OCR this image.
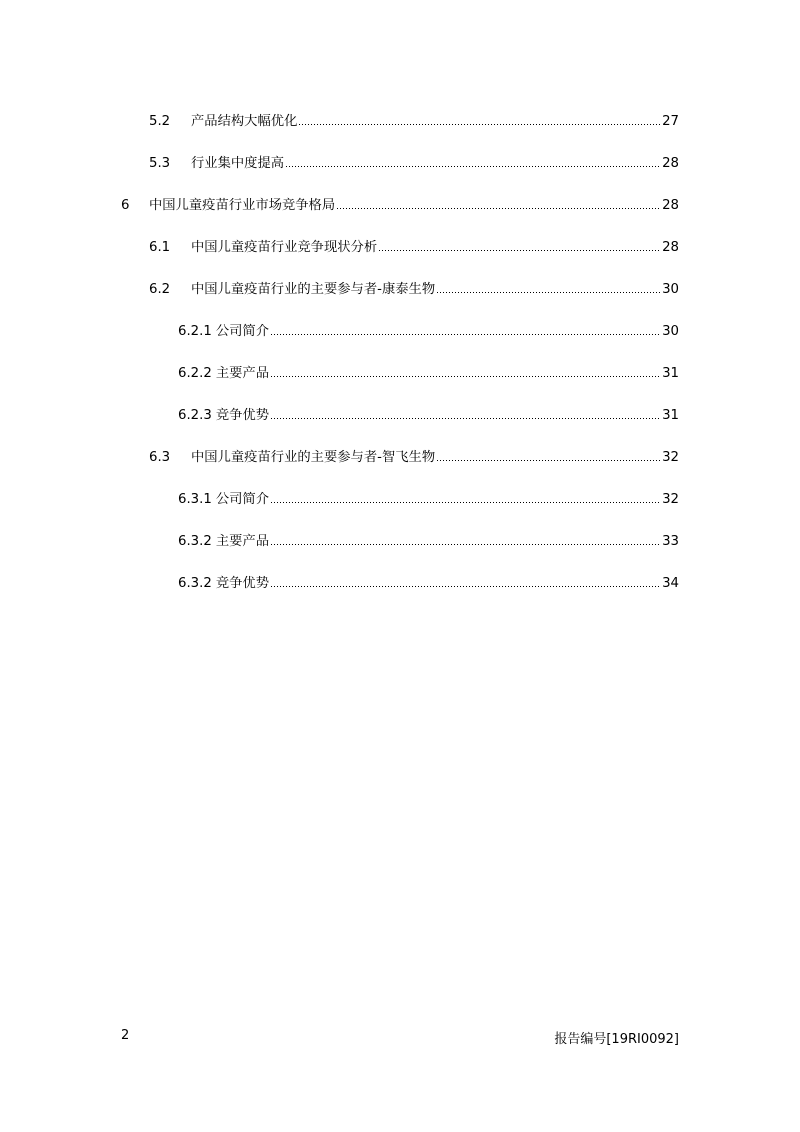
5.2	产品结构大幅优化	27
5.3	行业集中度提高	28
6	中国儿童疫苗行业市场竞争格局	28
6.1	中国儿童疫苗行业竞争现状分析	28
6.2	中国儿童疫苗行业的主要参与者-康泰生物	30
6.2.1 公司简介	30
6.2.2 主要产品	31
6.2.3 竞争优势	31
6.3	中国儿童疫苗行业的主要参与者-智飞生物	32
6.3.1 公司简介	32
6.3.2 主要产品	33
6.3.2 竞争优势	34
2	报告编号[19RI0092]
